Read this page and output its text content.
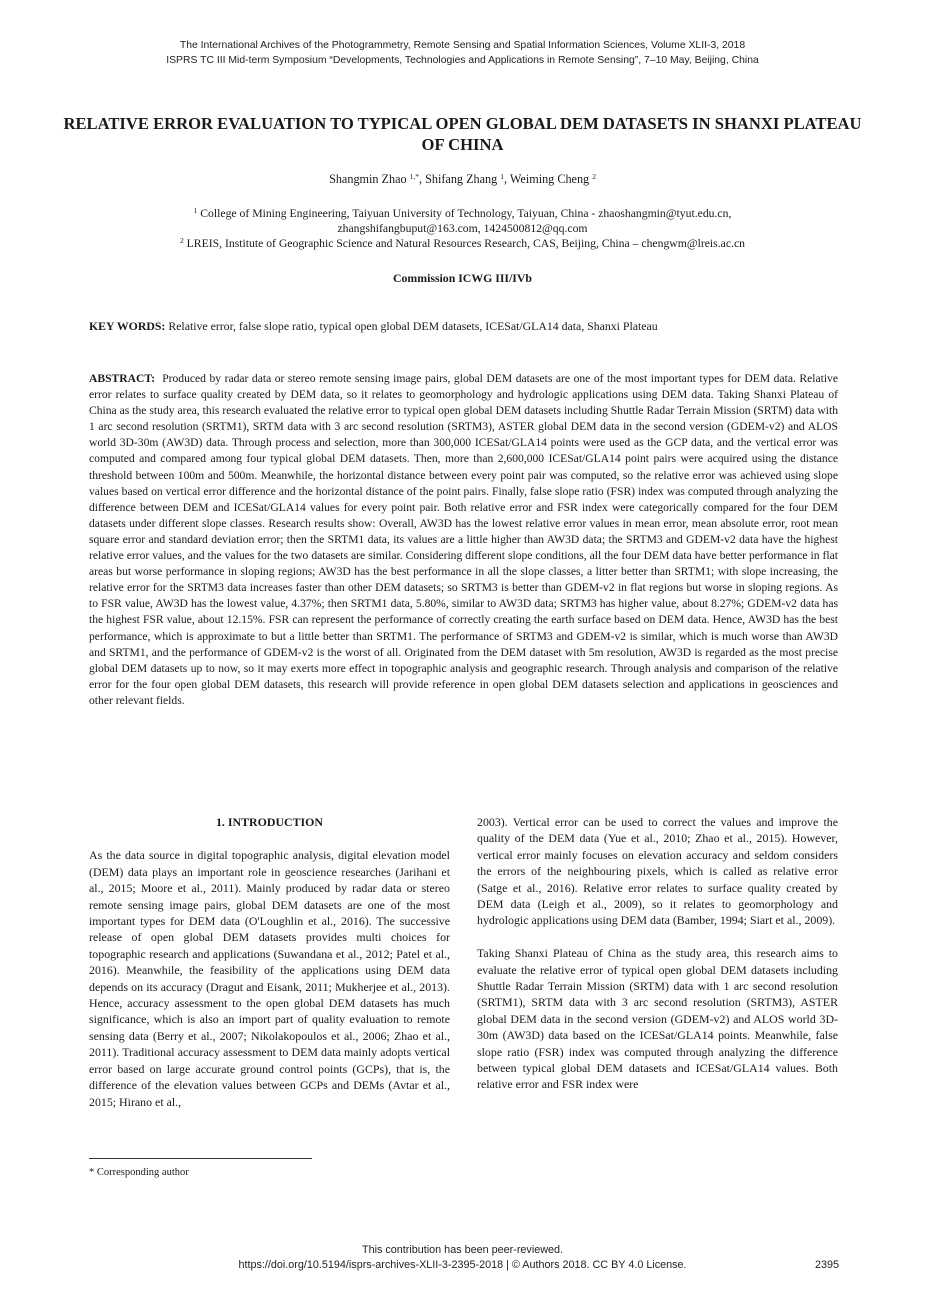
The International Archives of the Photogrammetry, Remote Sensing and Spatial Information Sciences, Volume XLII-3, 2018
ISPRS TC III Mid-term Symposium “Developments, Technologies and Applications in Remote Sensing”, 7–10 May, Beijing, China
RELATIVE ERROR EVALUATION TO TYPICAL OPEN GLOBAL DEM DATASETS IN SHANXI PLATEAU OF CHINA
Shangmin Zhao $^{1,*}$, Shifang Zhang $^1$, Weiming Cheng $^2$
$^1$ College of Mining Engineering, Taiyuan University of Technology, Taiyuan, China - zhaoshangmin@tyut.edu.cn,
zhangshifangbuput@163.com, 1424500812@qq.com
$^2$ LREIS, Institute of Geographic Science and Natural Resources Research, CAS, Beijing, China – chengwm@lreis.ac.cn
Commission ICWG III/IVb
KEY WORDS: Relative error, false slope ratio, typical open global DEM datasets, ICESat/GLA14 data, Shanxi Plateau

ABSTRACT: Produced by radar data or stereo remote sensing image pairs, global DEM datasets are one of the most important types for DEM data. Relative error relates to surface quality created by DEM data, so it relates to geomorphology and hydrologic applications using DEM data. Taking Shanxi Plateau of China as the study area, this research evaluated the relative error to typical open global DEM datasets including Shuttle Radar Terrain Mission (SRTM) data with 1 arc second resolution (SRTM1), SRTM data with 3 arc second resolution (SRTM3), ASTER global DEM data in the second version (GDEM-v2) and ALOS world 3D-30m (AW3D) data. Through process and selection, more than 300,000 ICESat/GLA14 points were used as the GCP data, and the vertical error was computed and compared among four typical global DEM datasets. Then, more than 2,600,000 ICESat/GLA14 point pairs were acquired using the distance threshold between 100m and 500m. Meanwhile, the horizontal distance between every point pair was computed, so the relative error was achieved using slope values based on vertical error difference and the horizontal distance of the point pairs. Finally, false slope ratio (FSR) index was computed through analyzing the difference between DEM and ICESat/GLA14 values for every point pair. Both relative error and FSR index were categorically compared for the four DEM datasets under different slope classes. Research results show: Overall, AW3D has the lowest relative error values in mean error, mean absolute error, root mean square error and standard deviation error; then the SRTM1 data, its values are a little higher than AW3D data; the SRTM3 and GDEM-v2 data have the highest relative error values, and the values for the two datasets are similar. Considering different slope conditions, all the four DEM data have better performance in flat areas but worse performance in sloping regions; AW3D has the best performance in all the slope classes, a litter better than SRTM1; with slope increasing, the relative error for the SRTM3 data increases faster than other DEM datasets; so SRTM3 is better than GDEM-v2 in flat regions but worse in sloping regions. As to FSR value, AW3D has the lowest value, 4.37%; then SRTM1 data, 5.80%, similar to AW3D data; SRTM3 has higher value, about 8.27%; GDEM-v2 data has the highest FSR value, about 12.15%. FSR can represent the performance of correctly creating the earth surface based on DEM data. Hence, AW3D has the best performance, which is approximate to but a little better than SRTM1. The performance of SRTM3 and GDEM-v2 is similar, which is much worse than AW3D and SRTM1, and the performance of GDEM-v2 is the worst of all. Originated from the DEM dataset with 5m resolution, AW3D is regarded as the most precise global DEM datasets up to now, so it may exerts more effect in topographic analysis and geographic research. Through analysis and comparison of the relative error for the four open global DEM datasets, this research will provide reference in open global DEM datasets selection and applications in geosciences and other relevant fields.

1. INTRODUCTION

As the data source in digital topographic analysis, digital elevation model (DEM) data plays an important role in geoscience researches (Jarihani et al., 2015; Moore et al., 2011). Mainly produced by radar data or stereo remote sensing image pairs, global DEM datasets are one of the most important types for DEM data (O'Loughlin et al., 2016). The successive release of open global DEM datasets provides multi choices for topographic research and applications (Suwandana et al., 2012; Patel et al., 2016). Meanwhile, the feasibility of the applications using DEM data depends on its accuracy (Dragut and Eisank, 2011; Mukherjee et al., 2013). Hence, accuracy assessment to the open global DEM datasets has much significance, which is also an import part of quality evaluation to remote sensing data (Berry et al., 2007; Nikolakopoulos et al., 2006; Zhao et al., 2011). Traditional accuracy assessment to DEM data mainly adopts vertical error based on large accurate ground control points (GCPs), that is, the difference of the elevation values between GCPs and DEMs (Avtar et al., 2015; Hirano et al.,

2003). Vertical error can be used to correct the values and improve the quality of the DEM data (Yue et al., 2010; Zhao et al., 2015). However, vertical error mainly focuses on elevation accuracy and seldom considers the errors of the neighbouring pixels, which is called as relative error (Satge et al., 2016). Relative error relates to surface quality created by DEM data (Leigh et al., 2009), so it relates to geomorphology and hydrologic applications using DEM data (Bamber, 1994; Siart et al., 2009).

Taking Shanxi Plateau of China as the study area, this research aims to evaluate the relative error of typical open global DEM datasets including Shuttle Radar Terrain Mission (SRTM) data with 1 arc second resolution (SRTM1), SRTM data with 3 arc second resolution (SRTM3), ASTER global DEM data in the second version (GDEM-v2) and ALOS world 3D-30m (AW3D) data based on the ICESat/GLA14 points. Meanwhile, false slope ratio (FSR) index was computed through analyzing the difference between typical global DEM datasets and ICESat/GLA14 values. Both relative error and FSR index were

* Corresponding author
This contribution has been peer-reviewed.
https://doi.org/10.5194/isprs-archives-XLII-3-2395-2018 | © Authors 2018. CC BY 4.0 License.	2395
